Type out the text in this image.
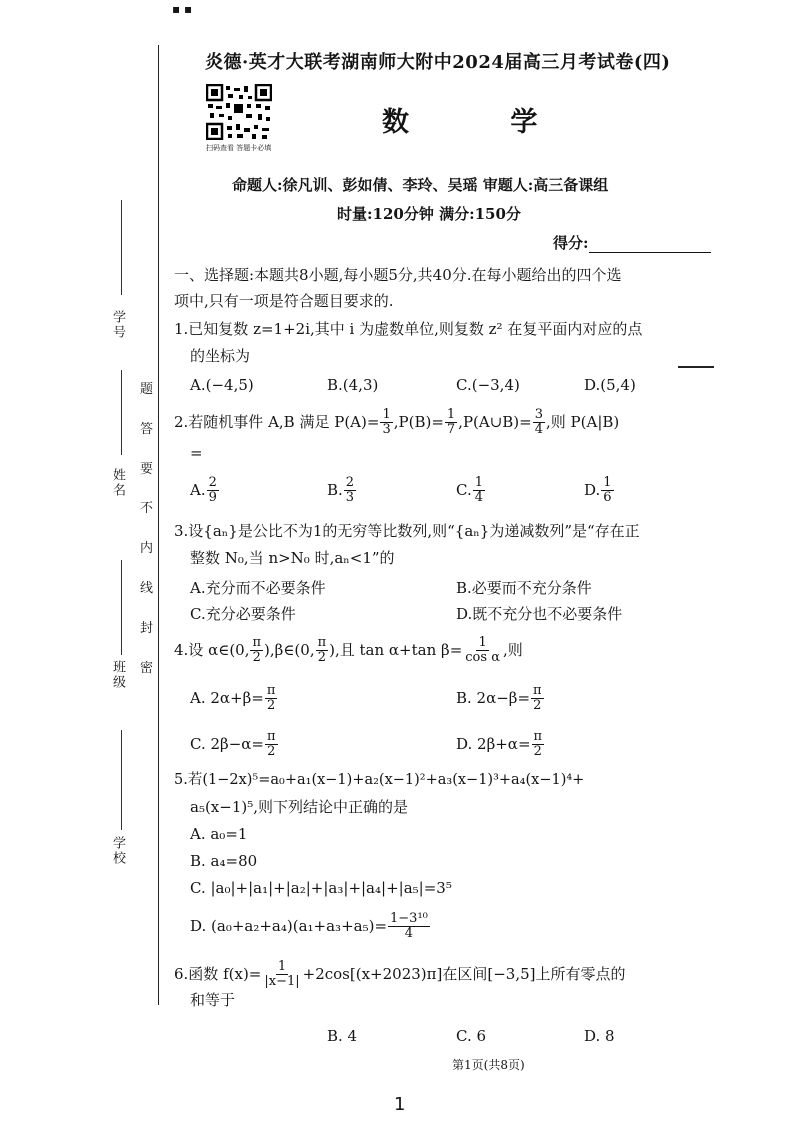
▪ ▪
学号
姓名
班级
学校
题
答
要
不
内
线
封
密
炎德·英才大联考湖南师大附中2024届高三月考试卷(四)
扫码查看 答题卡必填
数 学
命题人:徐凡训、彭如倩、李玲、吴瑶 审题人:高三备课组
时量:120分钟 满分:150分
得分:
一、选择题:本题共8小题,每小题5分,共40分.在每小题给出的四个选
项中,只有一项是符合题目要求的.
1.已知复数 z=1+2i,其中 i 为虚数单位,则复数 z² 在复平面内对应的点
的坐标为
A.(−4,5)	B.(4,3)	C.(−3,4)	D.(5,4)
2.若随机事件 A,B 满足 $P(A)= \frac{1}{3} ,P(B)= \frac{1}{7}$ ,P(A∪B)= $\frac{3}{4}$ ,则 P(A|B)
=
A. $\frac{2}{9}$	B. $\frac{2}{3}$	C. $\frac{1}{4}$	D. $\frac{1}{6}$
3.设{aₙ}是公比不为1的无穷等比数列,则“{aₙ}为递减数列”是“存在正
整数 N₀,当 n>N₀ 时,aₙ<1”的
A.充分而不必要条件	B.必要而不充分条件
C.充分必要条件	D.既不充分也不必要条件
4.设 α∈(0, $\frac{\pi}{2}$ ),β∈(0, $\frac{\pi}{2}$ ),且 tan α+tan $\beta= \frac{1}{\text{cos α}}$ ,则
A. $2\alpha+\beta= \frac{\pi}{2}$	B. $2\alpha-\beta= \frac{\pi}{2}$
C. $2\beta-\alpha= \frac{\pi}{2}$	D. $2\beta+\alpha= \frac{\pi}{2}$
5.若(1−2x)⁵=a₀+a₁(x−1)+a₂(x−1)²+a₃(x−1)³+a₄(x−1)⁴+
a₅(x−1)⁵,则下列结论中正确的是
A. a₀=1
B. a₄=80
C. |a₀|+|a₁|+|a₂|+|a₃|+|a₄|+|a₅|=3⁵
D. $(a_0+a_2+a_4)(a_1+a_3+a_5)= \frac{\text{1−3¹⁰}}{4}$
6.函数 $f(x)= \frac{1}{|x-1|} +2\cos[(x+2023)\pi]$在区间[−3,5]上所有零点的
和等于
B. 4	C. 6	D. 8
第1页(共8页)
1
